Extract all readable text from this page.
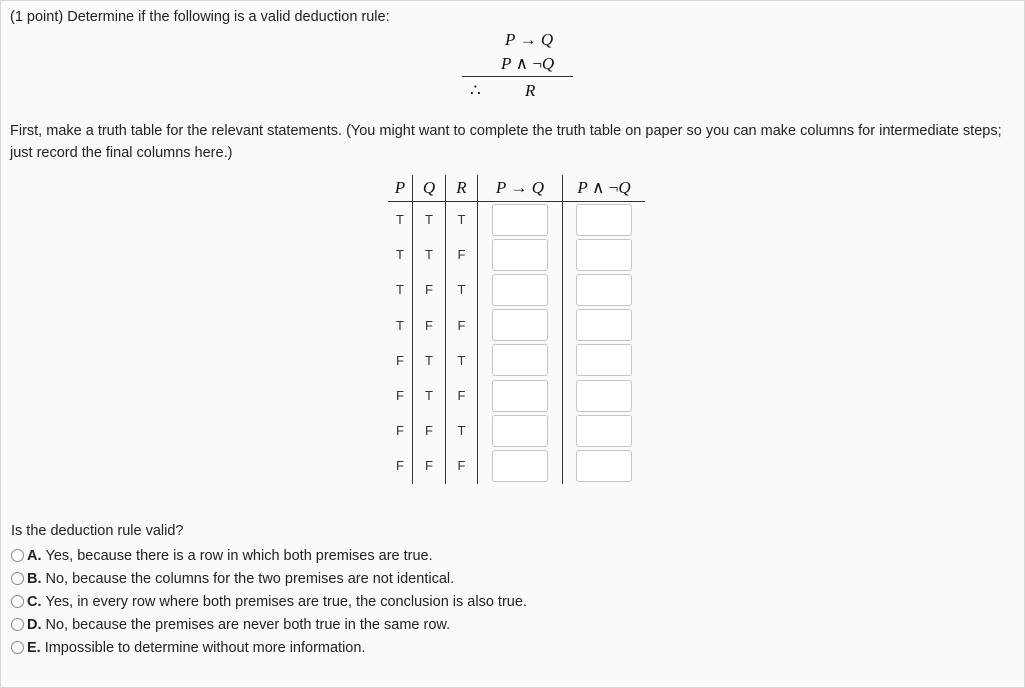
(1 point) Determine if the following is a valid deduction rule:
P → Q
P ∧ ¬Q
∴	R
First, make a truth table for the relevant statements. (You might want to complete the truth table on paper so you can make columns for intermediate steps; just record the final columns here.)
P	Q	R	P → Q	P ∧ ¬Q
T	T	T	

T	T	F	

T	F	T	

T	F	F	

F	T	T	

F	T	F	

F	F	T	

F	F	F	

Is the deduction rule valid?
A. Yes, because there is a row in which both premises are true.
B. No, because the columns for the two premises are not identical.
C. Yes, in every row where both premises are true, the conclusion is also true.
D. No, because the premises are never both true in the same row.
E. Impossible to determine without more information.
